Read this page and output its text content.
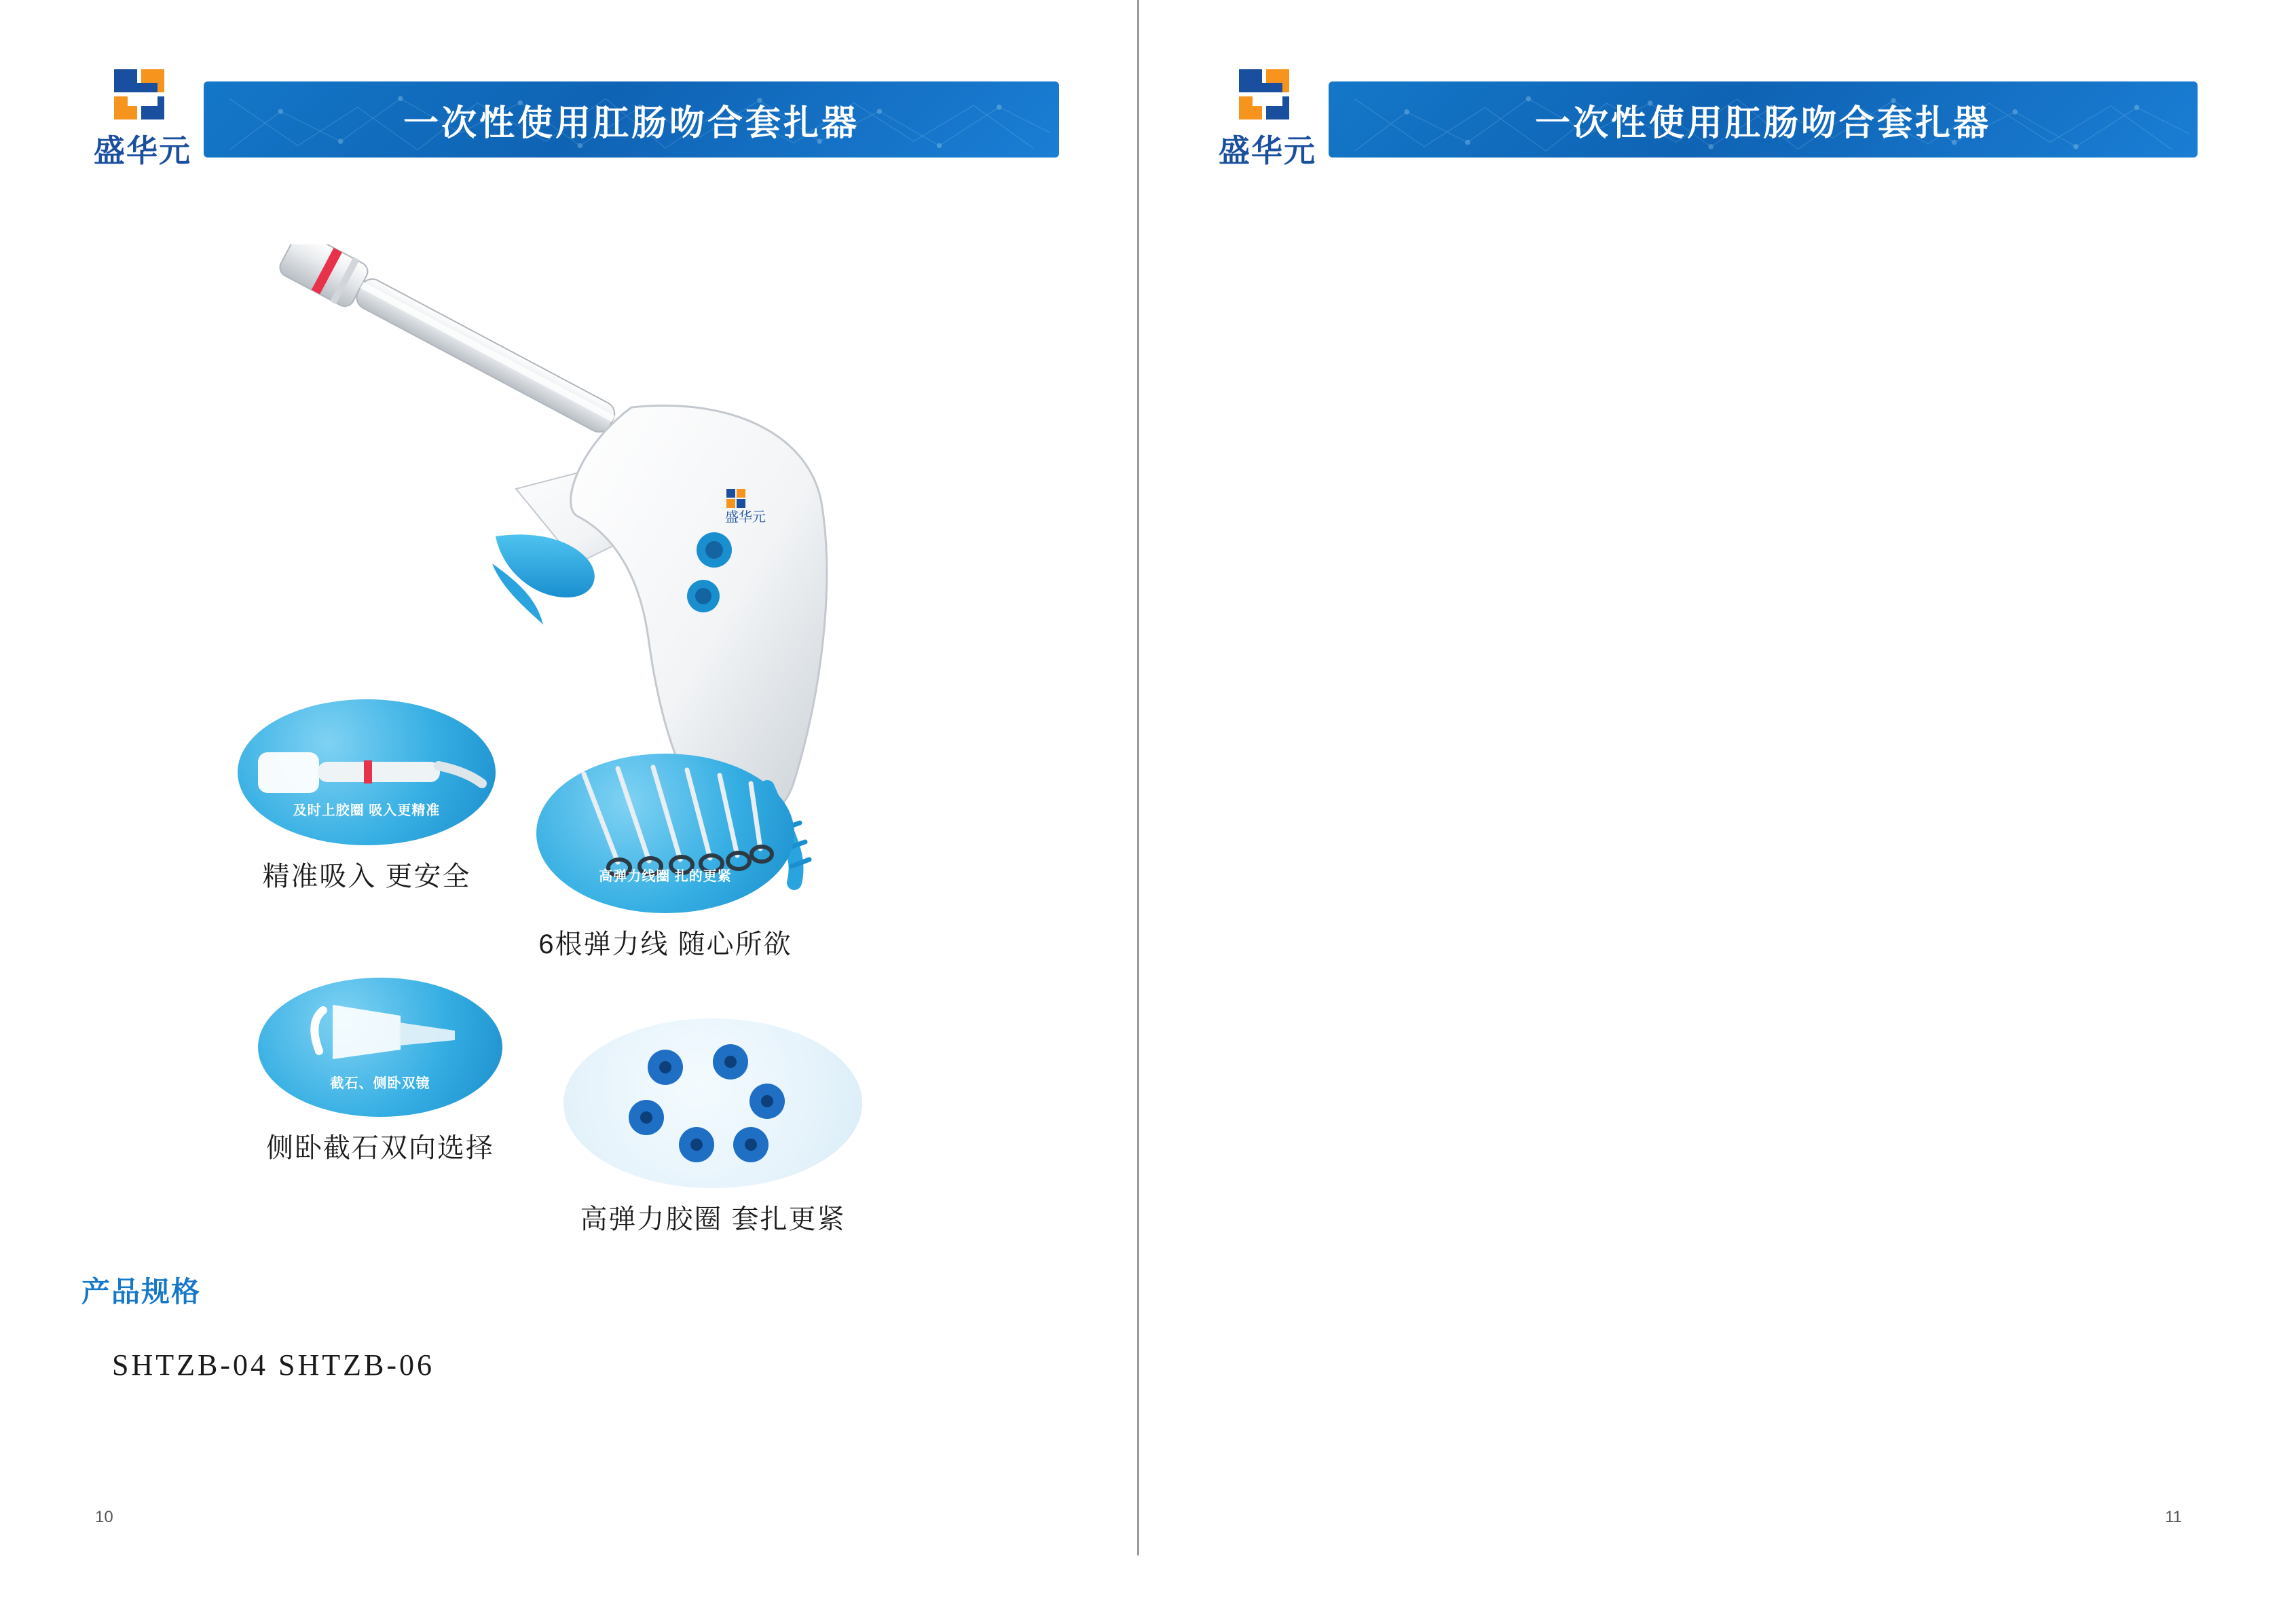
盛华元
一次性使用肛肠吻合套扎器
盛华元
及时上胶圈 吸入更精准
精准吸入 更安全	高弹力线圈 扎的更紧
6根弹力线 随心所欲
截石、侧卧双镜
侧卧截石双向选择
高弹力胶圈 套扎更紧
产品规格
SHTZB-04 SHTZB-06
10
盛华元
一次性使用肛肠吻合套扎器
11
